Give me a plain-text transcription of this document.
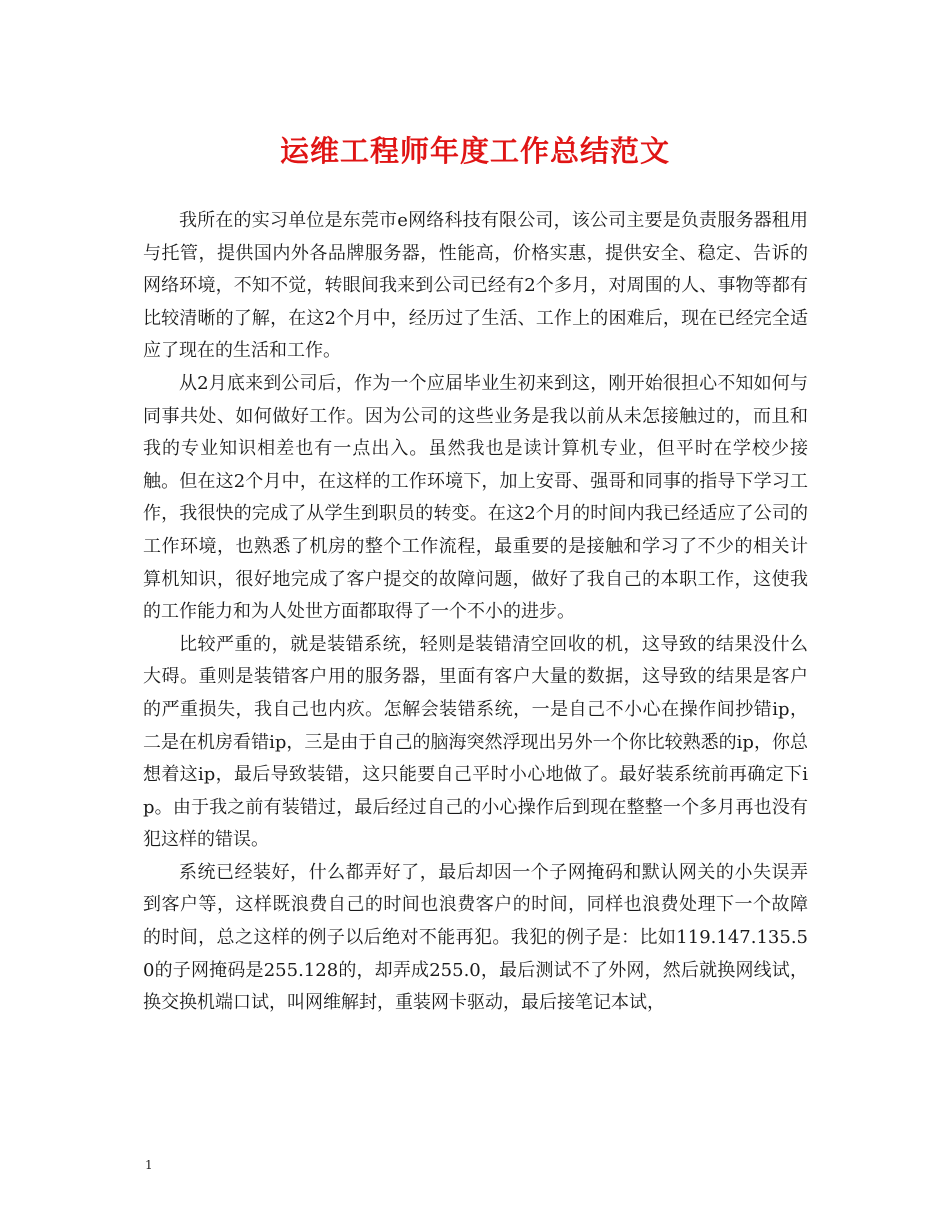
运维工程师年度工作总结范文

我所在的实习单位是东莞市e网络科技有限公司，该公司主要是负责服务器租用与托管，提供国内外各品牌服务器，性能高，价格实惠，提供安全、稳定、告诉的网络环境，不知不觉，转眼间我来到公司已经有2个多月，对周围的人、事物等都有比较清晰的了解，在这2个月中，经历过了生活、工作上的困难后，现在已经完全适应了现在的生活和工作。

从2月底来到公司后，作为一个应届毕业生初来到这，刚开始很担心不知如何与同事共处、如何做好工作。因为公司的这些业务是我以前从未怎接触过的，而且和我的专业知识相差也有一点出入。虽然我也是读计算机专业，但平时在学校少接触。但在这2个月中，在这样的工作环境下，加上安哥、强哥和同事的指导下学习工作，我很快的完成了从学生到职员的转变。在这2个月的时间内我已经适应了公司的工作环境，也熟悉了机房的整个工作流程，最重要的是接触和学习了不少的相关计算机知识，很好地完成了客户提交的故障问题，做好了我自己的本职工作，这使我的工作能力和为人处世方面都取得了一个不小的进步。

比较严重的，就是装错系统，轻则是装错清空回收的机，这导致的结果没什么大碍。重则是装错客户用的服务器，里面有客户大量的数据，这导致的结果是客户的严重损失，我自己也内疚。怎解会装错系统，一是自己不小心在操作间抄错ip，二是在机房看错ip，三是由于自己的脑海突然浮现出另外一个你比较熟悉的ip，你总想着这ip，最后导致装错，这只能要自己平时小心地做了。最好装系统前再确定下ip。由于我之前有装错过，最后经过自己的小心操作后到现在整整一个多月再也没有犯这样的错误。

系统已经装好，什么都弄好了，最后却因一个子网掩码和默认网关的小失误弄到客户等，这样既浪费自己的时间也浪费客户的时间，同样也浪费处理下一个故障的时间，总之这样的例子以后绝对不能再犯。我犯的例子是：比如119.147.135.50的子网掩码是255.128的，却弄成255.0，最后测试不了外网，然后就换网线试，换交换机端口试，叫网维解封，重装网卡驱动，最后接笔记本试，

1
